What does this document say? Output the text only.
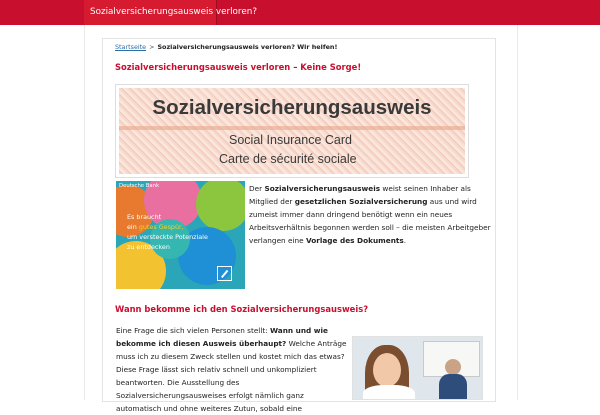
Sozialversicherungsausweis verloren?
Startseite > Sozialversicherungsausweis verloren? Wir helfen!
Sozialversicherungsausweis verloren – Keine Sorge!
Sozialversicherungsausweis
Social Insurance Card
Carte de sécurité sociale
Deutsche Bank
Es braucht
ein gutes Gespür,
um versteckte Potenziale
zu entdecken
Der Sozialversicherungsausweis weist seinen Inhaber als
Mitglied der gesetzlichen Sozialversicherung aus und wird
zumeist immer dann dringend benötigt wenn ein neues
Arbeitsverhältnis begonnen werden soll – die meisten Arbeitgeber
verlangen eine Vorlage des Dokuments.
Wann bekomme ich den Sozialversicherungsausweis?
Eine Frage die sich vielen Personen stellt: Wann und wie
bekomme ich diesen Ausweis überhaupt? Welche Anträge
muss ich zu diesem Zweck stellen und kostet mich das etwas?
Diese Frage lässt sich relativ schnell und unkompliziert
beantworten. Die Ausstellung des
Sozialversicherungsausweises erfolgt nämlich ganz
automatisch und ohne weiteres Zutun, sobald eine
